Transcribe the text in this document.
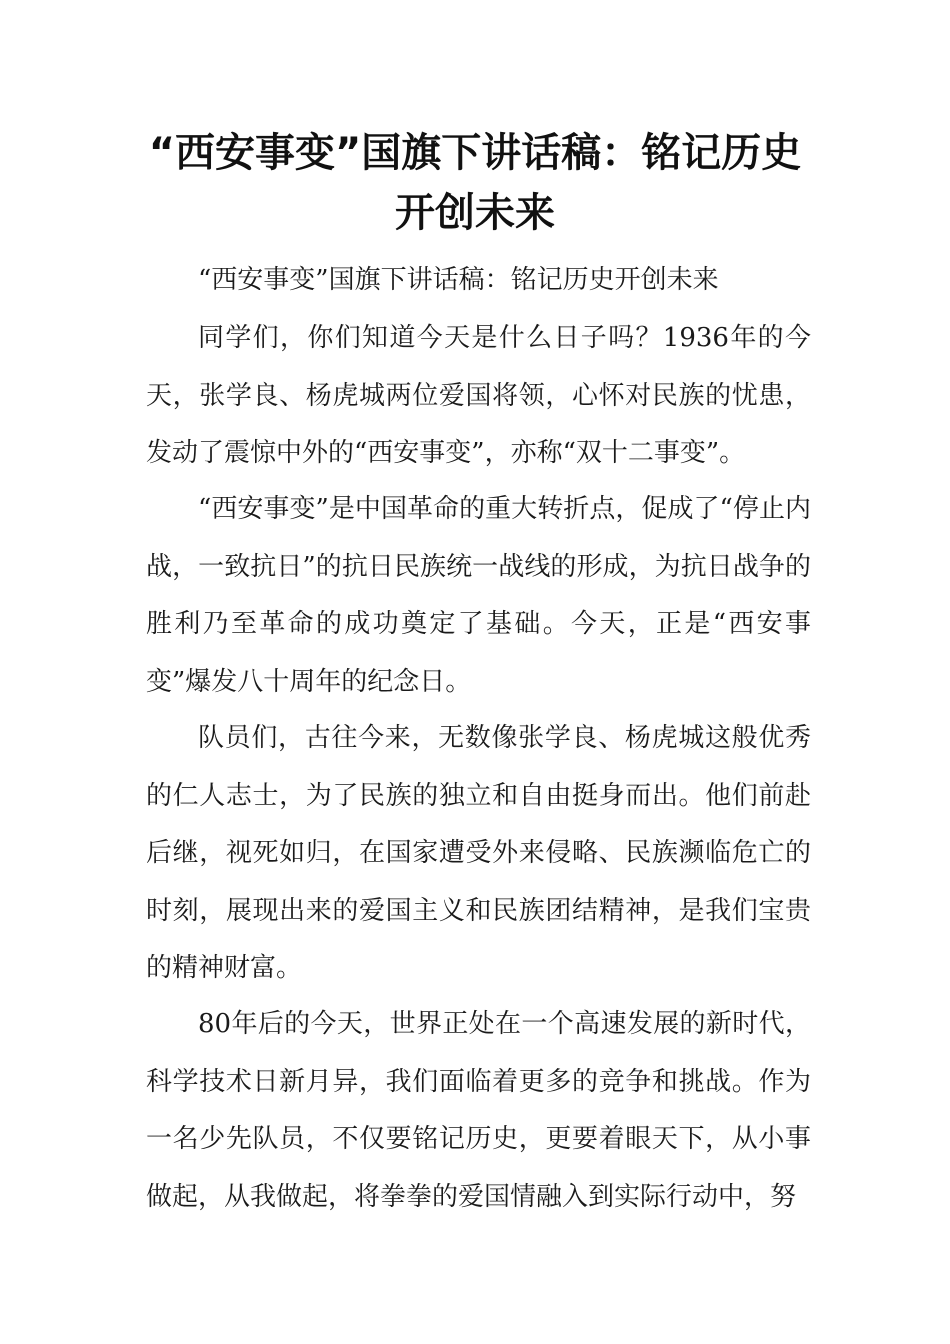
“西安事变”国旗下讲话稿：铭记历史
开创未来

“西安事变”国旗下讲话稿：铭记历史开创未来

同学们，你们知道今天是什么日子吗？1936年的今天，张学良、杨虎城两位爱国将领，心怀对民族的忧患，发动了震惊中外的“西安事变”，亦称“双十二事变”。

“西安事变”是中国革命的重大转折点，促成了“停止内战，一致抗日”的抗日民族统一战线的形成，为抗日战争的胜利乃至革命的成功奠定了基础。今天，正是“西安事变”爆发八十周年的纪念日。

队员们，古往今来，无数像张学良、杨虎城这般优秀的仁人志士，为了民族的独立和自由挺身而出。他们前赴后继，视死如归，在国家遭受外来侵略、民族濒临危亡的时刻，展现出来的爱国主义和民族团结精神，是我们宝贵的精神财富。

80年后的今天，世界正处在一个高速发展的新时代，科学技术日新月异，我们面临着更多的竞争和挑战。作为一名少先队员，不仅要铭记历史，更要着眼天下，从小事做起，从我做起，将拳拳的爱国情融入到实际行动中，努
